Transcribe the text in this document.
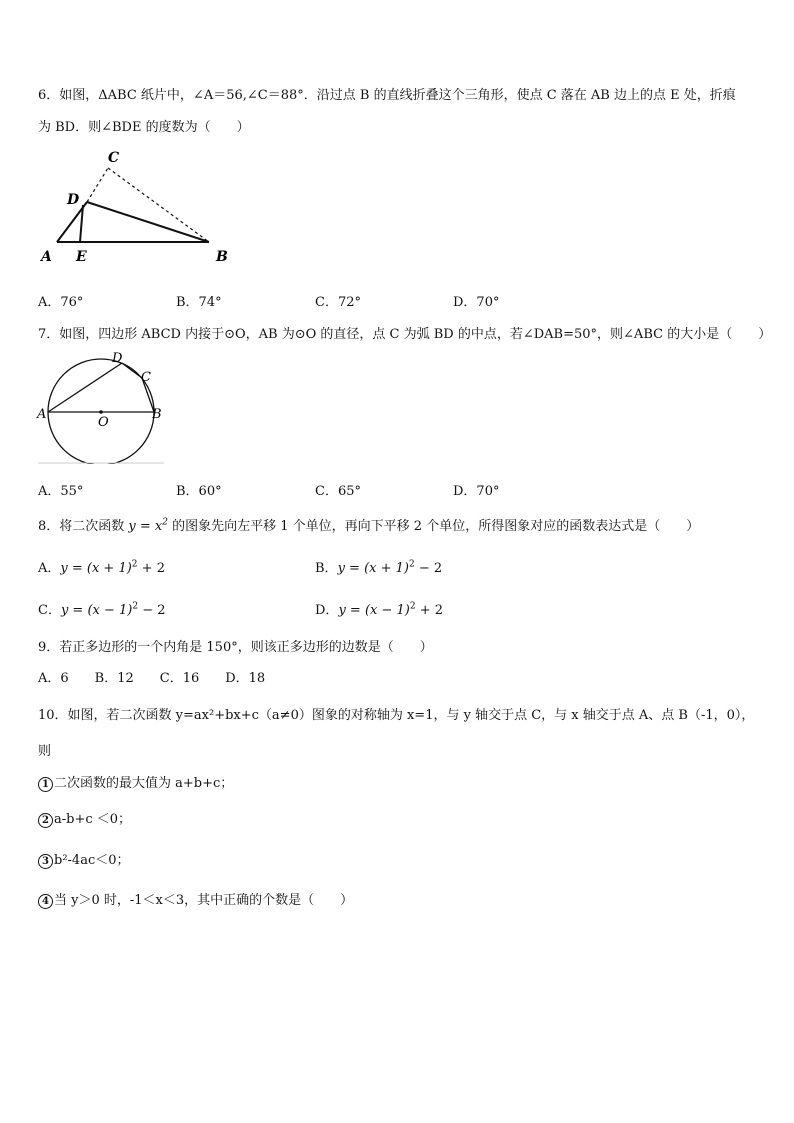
6．如图，ΔABC 纸片中，∠A＝56,∠C＝88°．沿过点 B 的直线折叠这个三角形，使点 C 落在 AB 边上的点 E 处，折痕
为 BD．则∠BDE 的度数为（　　）
C
D
A E	B
A．76°	B．74°	C．72°	D．70°
7．如图，四边形 ABCD 内接于⊙O，AB 为⊙O 的直径，点 C 为弧 BD 的中点，若∠DAB=50°，则∠ABC 的大小是（　　）
D
C
A	B
O
A．55°	B．60°	C．65°	D．70°
8．将二次函数 $y = x^2$ 的图象先向左平移 1 个单位，再向下平移 2 个单位，所得图象对应的函数表达式是（　　）
A．$y = (x + 1)^2 + 2$	B．$y = (x + 1)^2 - 2$
C．$y = (x - 1)^2 - 2$	D．$y = (x - 1)^2 + 2$
9．若正多边形的一个内角是 150°，则该正多边形的边数是（　　）
A．6　　B．12　　C．16　　D．18
10．如图，若二次函数 y=ax²+bx+c（a≠0）图象的对称轴为 x=1，与 y 轴交于点 C，与 x 轴交于点 A、点 B（-1，0），
则
1 二次函数的最大值为 a+b+c；
2 a-b+c ＜0；
3 b²-4ac＜0；
4 当 y＞0 时，-1＜x＜3，其中正确的个数是（　　）
